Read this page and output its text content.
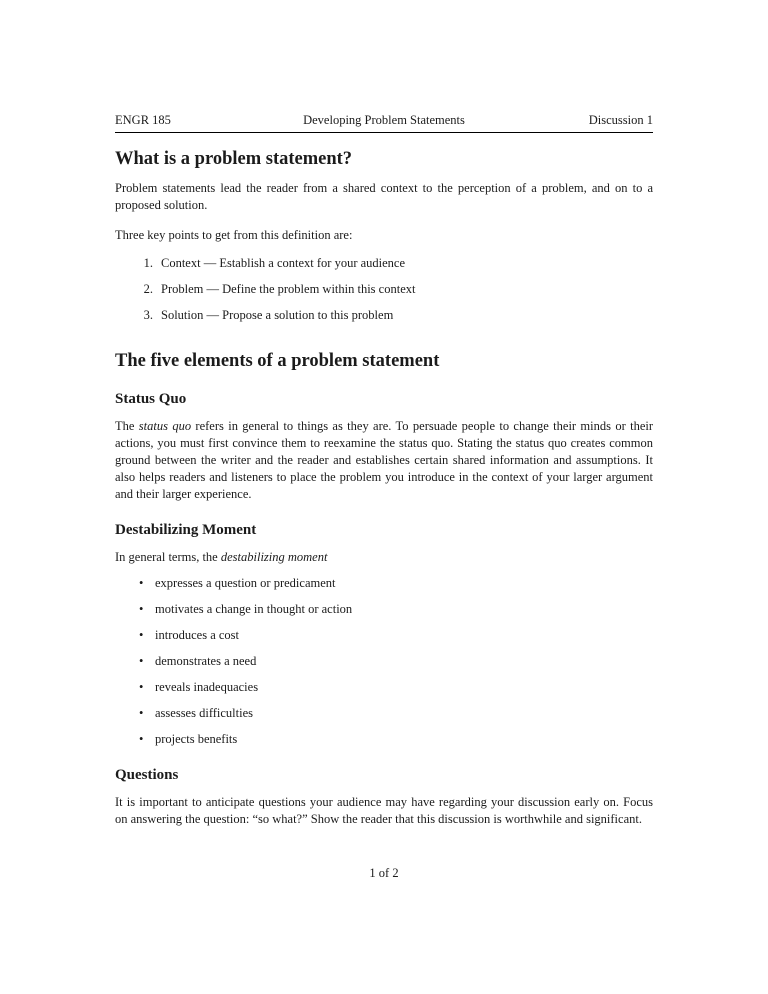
ENGR 185	Developing Problem Statements	Discussion 1
What is a problem statement?

Problem statements lead the reader from a shared context to the perception of a problem, and on to a proposed solution.

Three key points to get from this definition are:

1. Context — Establish a context for your audience
2. Problem — Define the problem within this context
3. Solution — Propose a solution to this problem
The five elements of a problem statement
Status Quo

The status quo refers in general to things as they are. To persuade people to change their minds or their actions, you must first convince them to reexamine the status quo. Stating the status quo creates common ground between the writer and the reader and establishes certain shared information and assumptions. It also helps readers and listeners to place the problem you introduce in the context of your larger argument and their larger experience.

Destabilizing Moment

In general terms, the destabilizing moment

• expresses a question or predicament
• motivates a change in thought or action
• introduces a cost
• demonstrates a need
• reveals inadequacies
• assesses difficulties
• projects benefits
Questions

It is important to anticipate questions your audience may have regarding your discussion early on. Focus on answering the question: “so what?” Show the reader that this discussion is worthwhile and significant.

1 of 2
